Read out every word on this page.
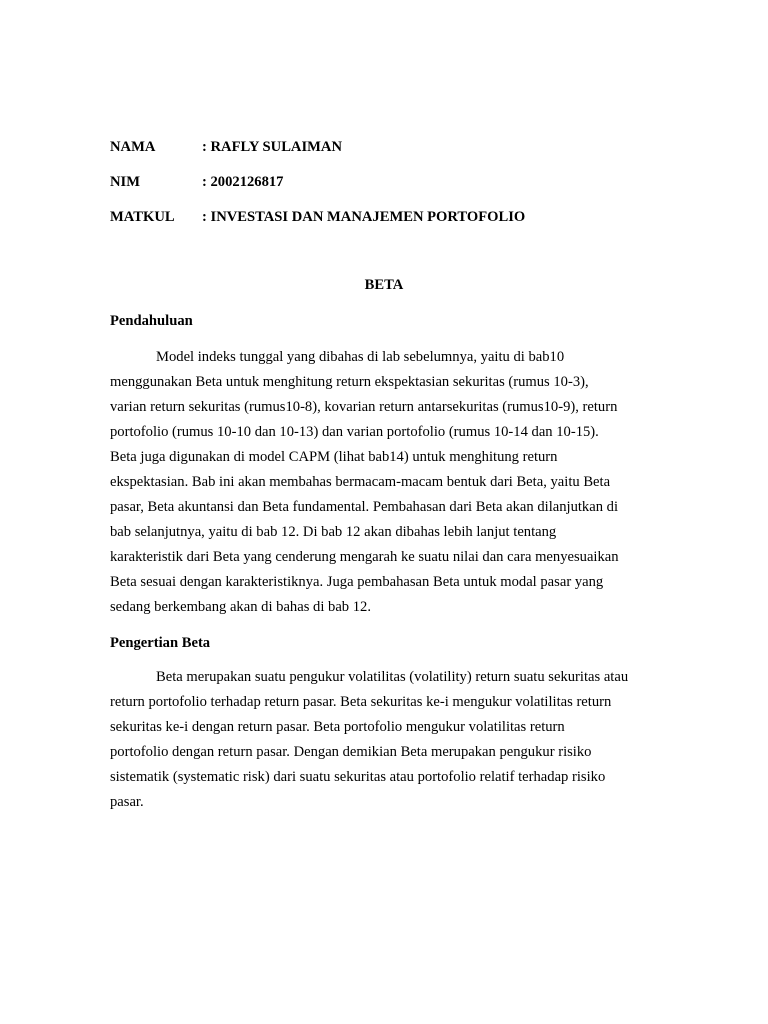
NAMA	: RAFLY SULAIMAN
NIM	: 2002126817
MATKUL	: INVESTASI DAN MANAJEMEN PORTOFOLIO
BETA
Pendahuluan

Model indeks tunggal yang dibahas di lab sebelumnya, yaitu di bab10
menggunakan Beta untuk menghitung return ekspektasian sekuritas (rumus 10-3),
varian return sekuritas (rumus10-8), kovarian return antarsekuritas (rumus10-9), return
portofolio (rumus 10-10 dan 10-13) dan varian portofolio (rumus 10-14 dan 10-15).
Beta juga digunakan di model CAPM (lihat bab14) untuk menghitung return
ekspektasian. Bab ini akan membahas bermacam-macam bentuk dari Beta, yaitu Beta
pasar, Beta akuntansi dan Beta fundamental. Pembahasan dari Beta akan dilanjutkan di
bab selanjutnya, yaitu di bab 12. Di bab 12 akan dibahas lebih lanjut tentang
karakteristik dari Beta yang cenderung mengarah ke suatu nilai dan cara menyesuaikan
Beta sesuai dengan karakteristiknya. Juga pembahasan Beta untuk modal pasar yang
sedang berkembang akan di bahas di bab 12.

Pengertian Beta

Beta merupakan suatu pengukur volatilitas (volatility) return suatu sekuritas atau
return portofolio terhadap return pasar. Beta sekuritas ke-i mengukur volatilitas return
sekuritas ke-i dengan return pasar. Beta portofolio mengukur volatilitas return
portofolio dengan return pasar. Dengan demikian Beta merupakan pengukur risiko
sistematik (systematic risk) dari suatu sekuritas atau portofolio relatif terhadap risiko
pasar.
